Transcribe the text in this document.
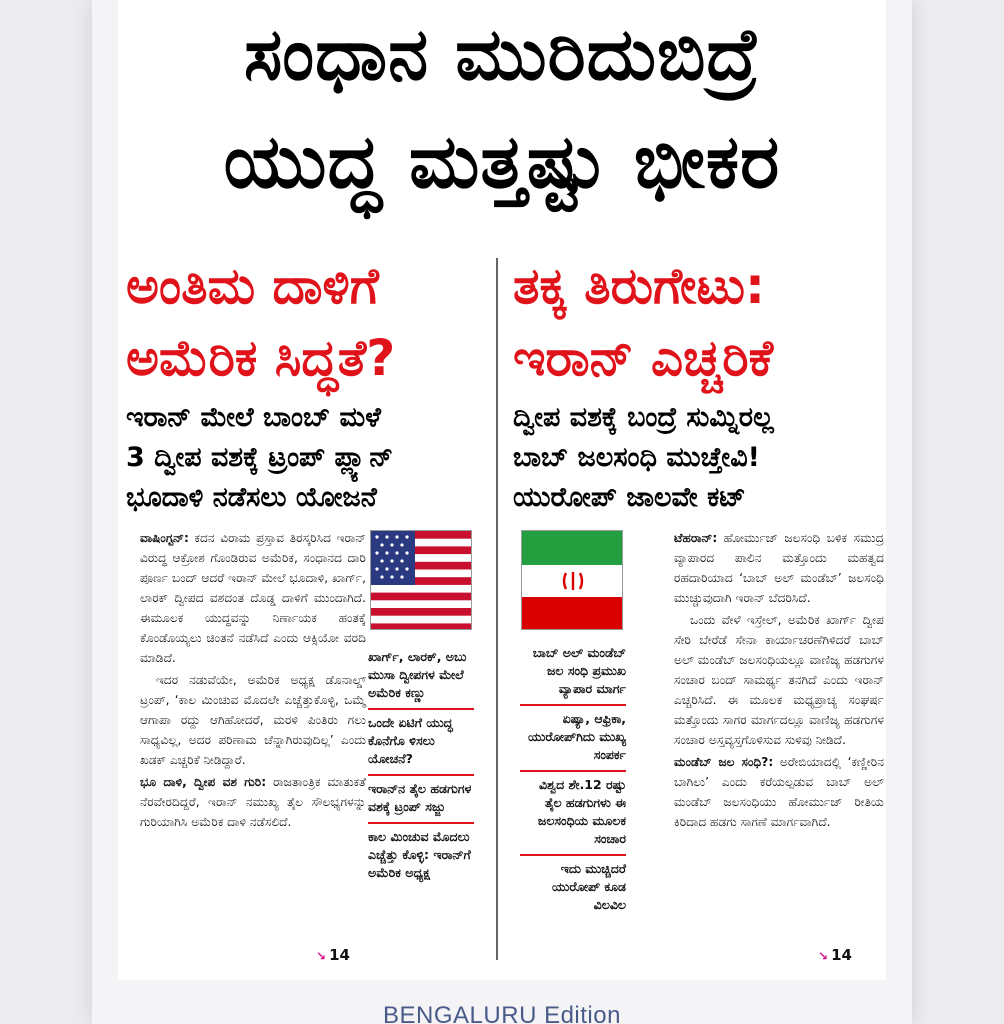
ಸಂಧಾನ ಮುರಿದುಬಿದ್ರೆ
ಯುದ್ಧ ಮತ್ತಷ್ಟು ಭೀಕರ
ಅಂತಿಮ ದಾಳಿಗೆ
ಅಮೆರಿಕ ಸಿದ್ಧತೆ?
ಇರಾನ್ ಮೇಲೆ ಬಾಂಬ್ ಮಳೆ
3 ದ್ವೀಪ ವಶಕ್ಕೆ ಟ್ರಂಪ್ ಪ್ಲ್ಯಾನ್
ಭೂದಾಳಿ ನಡೆಸಲು ಯೋಜನೆ
ತಕ್ಕ ತಿರುಗೇಟು:
ಇರಾನ್ ಎಚ್ಚರಿಕೆ
ದ್ವೀಪ ವಶಕ್ಕೆ ಬಂದ್ರೆ ಸುಮ್ನಿರಲ್ಲ
ಬಾಬ್ ಜಲಸಂಧಿ ಮುಚ್ತೇವಿ!
ಯುರೋಪ್ ಜಾಲವೇ ಕಟ್

ವಾಷಿಂಗ್ಟನ್: ಕದನ ವಿರಾಮ ಪ್ರಸ್ತಾವ ತಿರಸ್ಕರಿಸಿದ ಇರಾನ್ ವಿರುದ್ಧ ಆಕ್ರೋಶ ಗೊಂಡಿರುವ ಅಮೆರಿಕ, ಸಂಧಾನದ ದಾರಿ ಪೂರ್ಣ ಬಂದ್ ಆದರೆ ಇರಾನ್ ಮೇಲೆ ಭೂದಾಳಿ, ಖಾರ್ಗ್, ಲಾರಕ್ ದ್ವೀಪದ ವಶದಂತ ದೊಡ್ಡ ದಾಳಿಗೆ ಮುಂದಾಗಿದೆ. ಈಮೂಲಕ ಯುದ್ಧವನ್ನು ನಿರ್ಣಾಯಕ ಹಂತಕ್ಕೆ ಕೊಂಡೊಯ್ಯಲು ಚಿಂತನೆ ನಡೆಸಿದೆ ಎಂದು ಆಕ್ಸಿಯೋ ವರದಿ ಮಾಡಿದೆ.

ಇದರ ನಡುವೆಯೇ, ಅಮೆರಿಕ ಅಧ್ಯಕ್ಷ ಡೊನಾಲ್ಡ್ ಟ್ರಂಪ್, ‘ಕಾಲ ಮಿಂಚುವ ಮೊದಲೇ ಎಚ್ಚೆತ್ತುಕೊಳ್ಳಿ, ಒಮ್ಮೆ ಆಗಾಪಾ ರದ್ದು ಆಗಿಹೋದರೆ, ಮರಳಿ ಪಿಂತಿರು ಗಲು ಸಾಧ್ಯವಿಲ್ಲ, ಅದರ ಪರಿಣಾಮ ಚೆನ್ನಾಗಿರುವುದಿಲ್ಲ’ ಎಂದು ಖಡಕ್ ಎಚ್ಚರಿಕೆ ನೀಡಿದ್ದಾರೆ.

ಭೂ ದಾಳಿ, ದ್ವೀಪ ವಶ ಗುರಿ: ರಾಜತಾಂತ್ರಿಕ ಮಾತುಕತೆ ನೆರವೇರದಿದ್ದರೆ, ಇರಾನ್ ನಮುಖ್ಯ ತೈಲ ಸೌಲಭ್ಯಗಳನ್ನು ಗುರಿಯಾಗಿಸಿ ಅಮೆರಿಕ ದಾಳಿ ನಡೆಸಲಿದೆ.

↘ 14
ಖಾರ್ಗ್, ಲಾರಕ್, ಅಬು ಮುಸಾ ದ್ವೀಪಗಳ ಮೇಲೆ ಅಮೆರಿಕ ಕಣ್ಣು
ಒಂದೇ ಏಟಿಗೆ ಯುದ್ಧ ಕೊನೆಗೊ ಳಿಸಲು ಯೋಚನೆ?
ಇರಾನ್‌ನ ತೈಲ ಹಡಗುಗಳ ವಶಕ್ಕೆ ಟ್ರಂಪ್ ಸಜ್ಜು
ಕಾಲ ಮಿಂಚುವ ಮೊದಲು ಎಚ್ಚೆತ್ತು ಕೊಳ್ಳಿ: ಇರಾನ್‌ಗೆ ಅಮೆರಿಕ ಅಧ್ಯಕ್ಷ
ಬಾಬ್ ಅಲ್ ಮಂಡೆಬ್ ಜಲ ಸಂಧಿ ಪ್ರಮುಖ ವ್ಯಾಪಾರ ಮಾರ್ಗ
ಏಷ್ಯಾ, ಆಫ್ರಿಕಾ, ಯುರೋಪ್‌ಗಿದು ಮುಖ್ಯ ಸಂಪರ್ಕ
ವಿಶ್ವದ ಶೇ.12 ರಷ್ಟು ತೈಲ ಹಡಗುಗಳು ಈ ಜಲಸಂಧಿಯ ಮೂಲಕ ಸಂಚಾರ
ಇದು ಮುಚ್ಚಿದರೆ ಯುರೋಪ್ ಕೂಡ ವಿಲವಿಲ

ಟೆಹರಾನ್: ಹೋರ್ಮುಜ್ ಜಲಸಂಧಿ ಬಳಿಕ ಸಮುದ್ರ ವ್ಯಾಪಾರದ ಪಾಲಿನ ಮತ್ತೊಂದು ಮಹತ್ವದ ರಹದಾರಿಯಾದ ‘ಬಾಬ್ ಅಲ್ ಮಂಡೆಬ್’ ಜಲಸಂಧಿ ಮುಚ್ಚುವುದಾಗಿ ಇರಾನ್ ಬೆದರಿಸಿದೆ.

ಒಂದು ವೇಳೆ ಇಸ್ರೇಲ್, ಅಮೆರಿಕ ಖಾರ್ಗ್ ದ್ವೀಪ ಸೇರಿ ಬೇರೆಡೆ ಸೇನಾ ಕಾರ್ಯಾಚರಣೆಗಿಳಿದರೆ ಬಾಬ್ ಅಲ್ ಮಂಡೆಬ್ ಜಲಸಂಧಿಯಲ್ಲೂ ವಾಣಿಜ್ಯ ಹಡಗುಗಳ ಸಂಚಾರ ಬಂದ್ ಸಾಮರ್ಥ್ಯ ತನಗಿದೆ ಎಂದು ಇರಾನ್ ಎಚ್ಚರಿಸಿದೆ. ಈ ಮೂಲಕ ಮಧ್ಯಪ್ರಾಚ್ಯ ಸಂಘರ್ಷ ಮತ್ತೊಂದು ಸಾಗರ ಮಾರ್ಗದಲ್ಲೂ ವಾಣಿಜ್ಯ ಹಡಗುಗಳ ಸಂಚಾರ ಅಸ್ತವ್ಯಸ್ತಗೊಳಿಸುವ ಸುಳಿವು ನೀಡಿದೆ.

ಮಂಡೆಬ್ ಜಲ ಸಂಧಿ?: ಅರೇಬಿಯಾದಲ್ಲಿ ‘ಕಣ್ಣೀರಿನ ಬಾಗಿಲು’ ಎಂದು ಕರೆಯಲ್ಪಡುವ ಬಾಬ್ ಅಲ್ ಮಂಡೆಬ್ ಜಲಸಂಧಿಯು ಹೋರ್ಮುಜ್ ರೀತಿಯ ಕಿರಿದಾದ ಹಡಗು ಸಾಗಣೆ ಮಾರ್ಗವಾಗಿದೆ.

↘ 14
BENGALURU Edition
